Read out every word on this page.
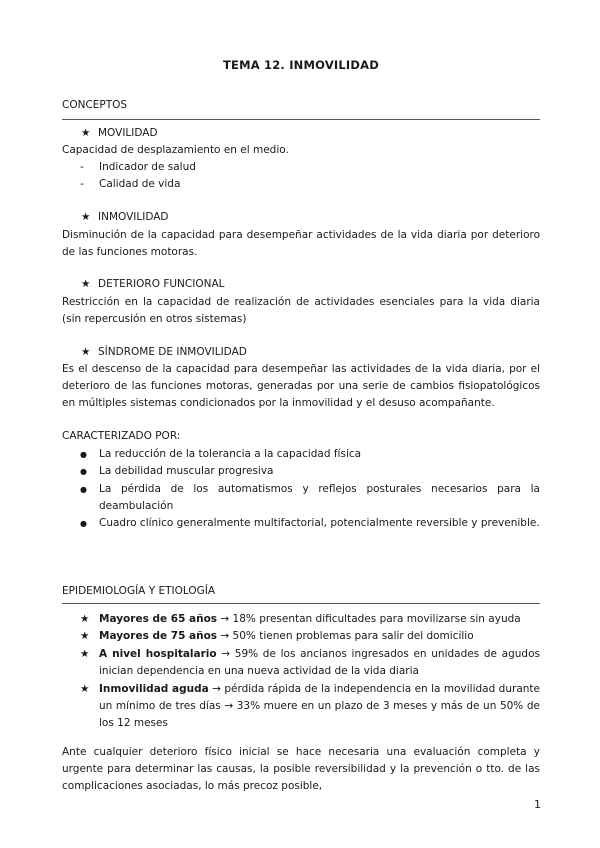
TEMA 12. INMOVILIDAD
CONCEPTOS
★ MOVILIDAD
Capacidad de desplazamiento en el medio.
-	Indicador de salud
-	Calidad de vida
★ INMOVILIDAD
Disminución de la capacidad para desempeñar actividades de la vida diaria por deterioro de las funciones motoras.
★ DETERIORO FUNCIONAL
Restricción en la capacidad de realización de actividades esenciales para la vida diaria (sin repercusión en otros sistemas)
★ SÍNDROME DE INMOVILIDAD
Es el descenso de la capacidad para desempeñar las actividades de la vida diaria, por el deterioro de las funciones motoras, generadas por una serie de cambios fisiopatológicos en múltiples sistemas condicionados por la inmovilidad y el desuso acompañante.
CARACTERIZADO POR:
●	La reducción de la tolerancia a la capacidad física
●	La debilidad muscular progresiva
●	La pérdida de los automatismos y reflejos posturales necesarios para la deambulación
●	Cuadro clínico generalmente multifactorial, potencialmente reversible y prevenible.
EPIDEMIOLOGÍA Y ETIOLOGÍA
★ Mayores de 65 años → 18% presentan dificultades para movilizarse sin ayuda
★ Mayores de 75 años → 50% tienen problemas para salir del domicilio
★ A nivel hospitalario → 59% de los ancianos ingresados en unidades de agudos inician dependencia en una nueva actividad de la vida diaria
★ Inmovilidad aguda → pérdida rápida de la independencia en la movilidad durante un mínimo de tres días → 33% muere en un plazo de 3 meses y más de un 50% de los 12 meses
Ante cualquier deterioro físico inicial se hace necesaria una evaluación completa y urgente para determinar las causas, la posible reversibilidad y la prevención o tto. de las complicaciones asociadas, lo más precoz posible,
1
